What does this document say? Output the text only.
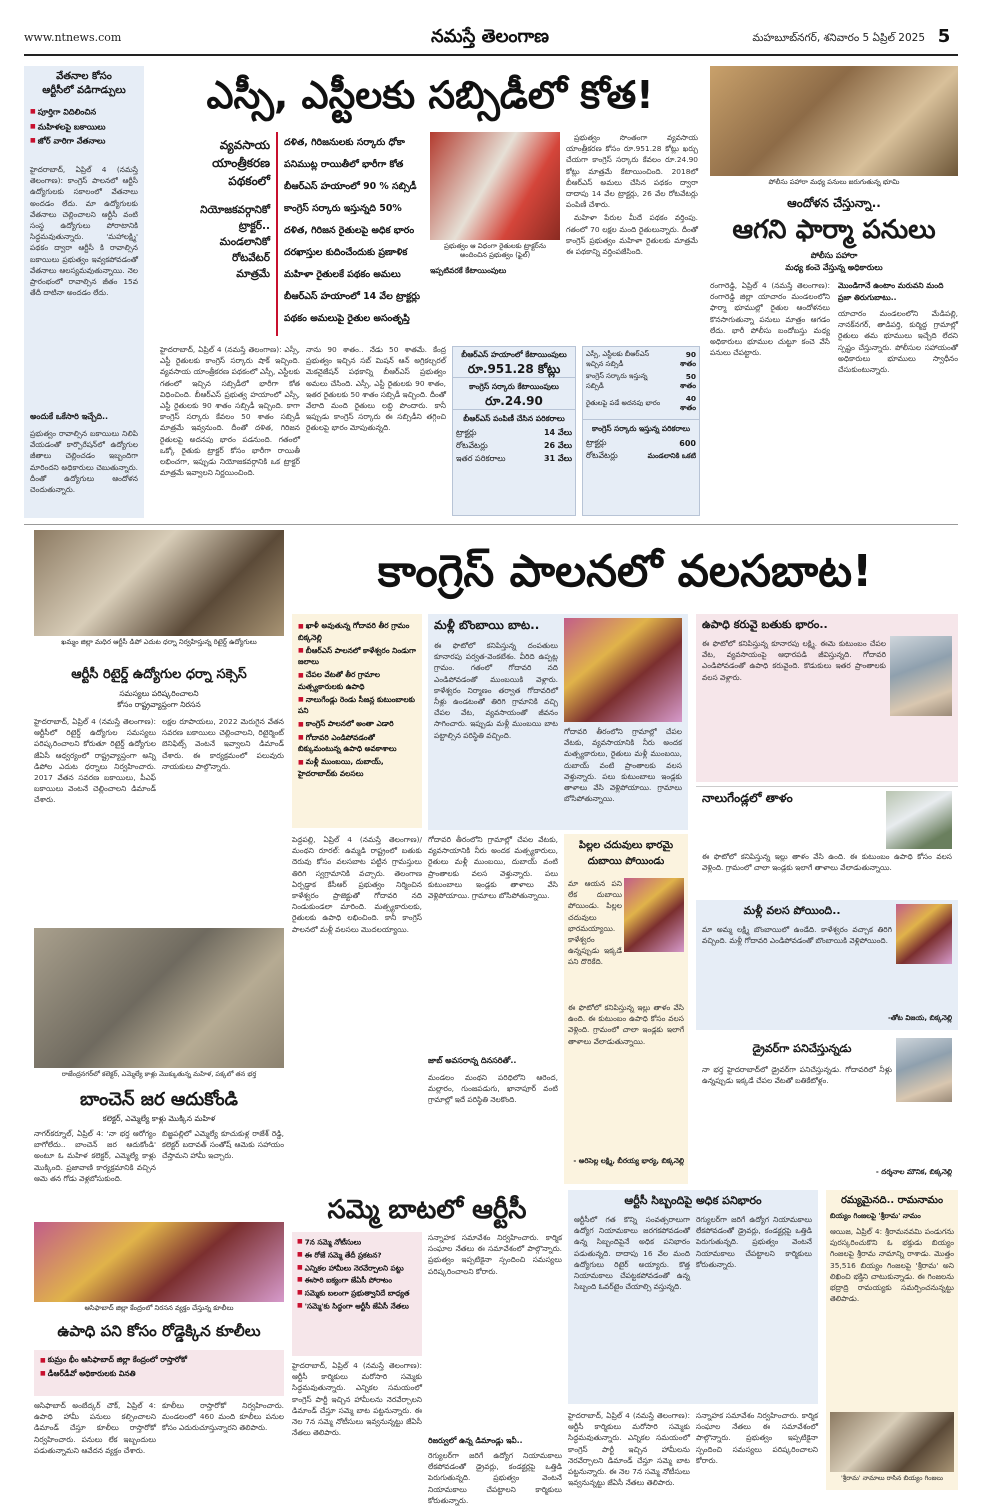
www.ntnews.com	నమస్తే తెలంగాణ	మహబూబ్‌నగర్, శనివారం 5 ఏప్రిల్ 2025 5
వేతనాల కోసం
ఆర్టీసీలో వడిగాడ్పులు
■ పూర్తిగా విదిలించిన
■ మహిళలపై బకాయిలు
■ జోర్ వారిగా వేతనాలు
హైదరాబాద్, ఏప్రిల్ 4 (నమస్తే తెలంగాణ): కాంగ్రెస్ పాలనలో ఆర్టీసీ ఉద్యోగులకు సకాలంలో వేతనాలు అందడం లేదు. మా ఉద్యోగులకు వేతనాలు చెల్లించాలని ఆర్టీసీ వంటి సంస్థ ఉద్యోగులు పోరాటానికి సిద్ధమవుతున్నారు. 'మహాలక్ష్మి' పథకం ద్వారా ఆర్టీసీ కి రావాల్సిన బకాయిలు ప్రభుత్వం ఇవ్వకపోవడంతో వేతనాలు ఆలస్యమవుతున్నాయి. నెల ప్రారంభంలో రావాల్సిన జీతం 15వ తేదీ దాటినా అందడం లేదు.
అందుకే ఒకేసారి ఇచ్చేది..
ప్రభుత్వం రావాల్సిన బకాయిలు నిలిపి వేయడంతో కార్పొరేషన్‌లో ఉద్యోగుల జీతాలు చెల్లించడం ఇబ్బందిగా మారిందని అధికారులు చెబుతున్నారు. దీంతో ఉద్యోగులు ఆందోళన చెందుతున్నారు.
ఎస్సీ, ఎస్టీలకు సబ్సిడీలో కోత!
వ్యవసాయ
యాంత్రీకరణ
పథకంలో
నియోజకవర్గానికో
ట్రాక్టర్..
మండలానికో
రోటవేటర్
మాత్రమే
దళిత, గిరిజనులకు సర్కారు ధోకా
పనిముట్ల రాయితీలో భారీగా కోత
బీఆర్ఎస్ హయాంలో 90 % సబ్సిడీ
కాంగ్రెస్ సర్కారు ఇస్తున్నది 50%
దళిత, గిరిజన రైతులపై అధిక భారం
దరఖాస్తుల కుదించేందుకు ప్రణాళిక
మహిళా రైతులకే పథకం అమలు
బీఆర్ఎస్ హయాంలో 14 వేల ట్రాక్టర్లు
పథకం అమలుపై రైతుల అసంతృప్తి
ప్రభుత్వం ఆ విధంగా రైతులకు ట్రాక్టర్‌ను అందించిన ప్రభుత్వం (ఫైల్)
ఇప్పటివరకే కేటాయింపులు

ప్రభుత్వం సొంతంగా వ్యవసాయ యాంత్రీకరణ కోసం రూ.951.28 కోట్లు ఖర్చు చేయగా కాంగ్రెస్ సర్కారు కేవలం రూ.24.90 కోట్లు మాత్రమే కేటాయించింది. 2018లో బీఆర్ఎస్ అమలు చేసిన పథకం ద్వారా దాదాపు 14 వేల ట్రాక్టర్లు, 26 వేల రోటవేటర్లు పంపిణీ చేశారు.

మహిళా పేరుల మీదే పథకం వర్తింపు. గతంలో 70 లక్షల మంది రైతులున్నారు. దీంతో కాంగ్రెస్ ప్రభుత్వం మహిళా రైతులకు మాత్రమే ఈ పథకాన్ని వర్తింపజేసింది.

హైదరాబాద్, ఏప్రిల్ 4 (నమస్తే తెలంగాణ): ఎస్సీ, ఎస్టీ రైతులకు కాంగ్రెస్ సర్కారు షాక్ ఇచ్చింది. వ్యవసాయ యాంత్రీకరణ పథకంలో ఎస్సీ, ఎస్టీలకు గతంలో ఇచ్చిన సబ్సిడీలో భారీగా కోత విధించింది. బీఆర్ఎస్ ప్రభుత్వ హయాంలో ఎస్సీ, ఎస్టీ రైతులకు 90 శాతం సబ్సిడీ ఇచ్చింది. కాగా కాంగ్రెస్ సర్కారు కేవలం 50 శాతం సబ్సిడీ మాత్రమే ఇవ్వనుంది. దీంతో దళిత, గిరిజన రైతులపై అదనపు భారం పడనుంది. గతంలో ఒక్కో రైతుకు ట్రాక్టర్ కోసం భారీగా రాయితీ లభించగా, ఇప్పుడు నియోజకవర్గానికి ఒక ట్రాక్టర్ మాత్రమే ఇవ్వాలని నిర్ణయించింది.
నాను 90 శాతం.. నేడు 50 శాతమే. కేంద్ర ప్రభుత్వం ఇచ్చిన సబ్ మిషన్ ఆన్ అగ్రికల్చరల్ మెకనైజేషన్ పథకాన్ని బీఆర్ఎస్ ప్రభుత్వం అమలు చేసింది. ఎస్సీ, ఎస్టీ రైతులకు 90 శాతం, ఇతర రైతులకు 50 శాతం సబ్సిడీ ఇచ్చింది. దీంతో వేలాది మంది రైతులు లబ్ధి పొందారు. కానీ ఇప్పుడు కాంగ్రెస్ సర్కారు ఈ సబ్సిడీని తగ్గించి రైతులపై భారం మోపుతున్నది.
బీఆర్ఎస్ హయాంలో కేటాయింపులు
రూ.951.28 కోట్లు
కాంగ్రెస్ సర్కారు కేటాయింపులు
రూ.24.90
బీఆర్ఎస్ పంపిణీ చేసిన పరికరాలు
ట్రాక్టర్లు	14 వేలు
రోటవేటర్లు	26 వేలు
ఇతర పరికరాలు	31 వేలు
ఎస్సీ, ఎస్టీలకు బీఆర్ఎస్ ఇచ్చిన సబ్సిడీ	90 శాతం
కాంగ్రెస్ సర్కారు ఇస్తున్న సబ్సిడీ	50 శాతం
రైతులపై పడే అదనపు భారం	40 శాతం
కాంగ్రెస్ సర్కారు ఇస్తున్న పరికరాలు
ట్రాక్టర్లు	600
రోటవేటర్లు	మండలానికి ఒకటి
పోలీసు పహారా మధ్య పనులు జరుగుతున్న భూమి
ఆందోళన చేస్తున్నా..
ఆగని ఫార్మా పనులు
పోలీసు పహారా
మధ్య కంచె వేస్తున్న అధికారులు
రంగారెడ్డి, ఏప్రిల్ 4 (నమస్తే తెలంగాణ): రంగారెడ్డి జిల్లా యాచారం మండలంలోని ఫార్మా భూముల్లో రైతుల ఆందోళనలు కొనసాగుతున్నా పనులు మాత్రం ఆగడం లేదు. భారీ పోలీసు బందోబస్తు మధ్య అధికారులు భూముల చుట్టూ కంచె వేసే పనులు చేపట్టారు.
మొండిగానే ఉంటాం మరువని మంది ప్రజా తిరుగుబాటు..
యాచారం మండలంలోని మేడిపల్లి, నానక్‌నగర్, తాడిపర్తి, కుర్మిద్ద గ్రామాల్లో రైతులు తమ భూములు ఇచ్చేది లేదని స్పష్టం చేస్తున్నారు. పోలీసుల సహాయంతో అధికారులు భూములు స్వాధీనం చేసుకుంటున్నారు.
ఖమ్మం జిల్లా మధిర ఆర్టీసీ డిపో ఎదుట ధర్నా నిర్వహిస్తున్న రిటైర్డ్ ఉద్యోగులు
కాంగ్రెస్ పాలనలో వలసబాట!
■ ఖాళీ అవుతున్న గోదావరి తీర గ్రామం బిక్కనెల్లి
■ బీఆర్ఎస్ పాలనలో కాళేశ్వరం నిండుగా జలాలు
■ చేపల వేటతో తీర గ్రామాల మత్స్యకారులకు ఉపాధి
■ నాలుగేండ్లు రెండు సీజన్ల కుటుంబాలకు పని
■ కాంగ్రెస్ పాలనలో అంతా ఎడారి
■ గోదావరి ఎండిపోవడంతో బిక్కుమంటున్న ఉపాధి అవకాశాలు
■ మళ్లీ ముంబయి, దుబాయ్, హైదరాబాద్‌కు వలసలు
పెద్దపల్లి, ఏప్రిల్ 4 (నమస్తే తెలంగాణ)/ మంథని రూరల్: ఉమ్మడి రాష్ట్రంలో బతుకు దెరువు కోసం వలసబాట పట్టిన గ్రామస్తులు తిరిగి స్వగ్రామానికి వచ్చారు. తెలంగాణ ఏర్పడ్డాక కేసీఆర్ ప్రభుత్వం నిర్మించిన కాళేశ్వరం ప్రాజెక్టుతో గోదావరి నది నిండుకుండలా మారింది. మత్స్యకారులకు, రైతులకు ఉపాధి లభించింది. కానీ కాంగ్రెస్ పాలనలో మళ్లీ వలసలు మొదలయ్యాయి.
గోదావరి తీరంలోని గ్రామాల్లో చేపల వేటకు, వ్యవసాయానికి నీరు అందక మత్స్యకారులు, రైతులు మళ్లీ ముంబయి, దుబాయ్ వంటి ప్రాంతాలకు వలస వెళ్తున్నారు. పలు కుటుంబాలు ఇండ్లకు తాళాలు వేసి వెళ్లిపోయాయి. గ్రామాలు బోసిపోతున్నాయి.
జాబ్ అవసరాన్న దినసరితో..
మండలం మంథని పరిధిలోని ఆరెంద, మల్లారం, గుంజపడుగు, ఖానాపూర్ వంటి గ్రామాల్లో ఇదే పరిస్థితి నెలకొంది.
మళ్లీ బొంబాయి బాట..
ఈ ఫొటోలో కనిపిస్తున్న దంపతులు కూనారపు పర్వత-వెంకటేశం. వీరిది ఉప్పట్ల గ్రామం. గతంలో గోదావరి నది ఎండిపోవడంతో ముంబయికి వెళ్లారు. కాళేశ్వరం నిర్మాణం తర్వాత గోదావరిలో నీళ్లు ఉండటంతో తిరిగి గ్రామానికి వచ్చి చేపల వేట, వ్యవసాయంతో జీవనం సాగించారు. ఇప్పుడు మళ్లీ ముంబయి బాట పట్టాల్సిన పరిస్థితి వచ్చింది.	గోదావరి తీరంలోని గ్రామాల్లో చేపల వేటకు, వ్యవసాయానికి నీరు అందక మత్స్యకారులు, రైతులు మళ్లీ ముంబయి, దుబాయ్ వంటి ప్రాంతాలకు వలస వెళ్తున్నారు. పలు కుటుంబాలు ఇండ్లకు తాళాలు వేసి వెళ్లిపోయాయి. గ్రామాలు బోసిపోతున్నాయి.
పిల్లల చదువులు భారమై దుబాయి పోయిండు
మా ఆయన పని లేక దుబాయి పోయిండు. పిల్లల చదువులు భారమయ్యాయి. కాళేశ్వరం ఉన్నప్పుడు ఇక్కడే పని దొరికేది.
ఈ ఫొటోలో కనిపిస్తున్న ఇల్లు తాళం వేసి ఉంది. ఈ కుటుంబం ఉపాధి కోసం వలస వెళ్లింది. గ్రామంలో చాలా ఇండ్లకు ఇలాగే తాళాలు వేలాడుతున్నాయి.
- అరిసెల్ల లక్ష్మి, బీరయ్య భార్య, బిక్కనెల్లి
ఉపాధి కరువై బతుకు భారం..
ఈ ఫొటోలో కనిపిస్తున్న కూనారపు లక్ష్మి. ఈమె కుటుంబం చేపల వేట, వ్యవసాయంపై ఆధారపడి జీవిస్తున్నది. గోదావరి ఎండిపోవడంతో ఉపాధి కరువైంది. కొడుకులు ఇతర ప్రాంతాలకు వలస వెళ్లారు.
నాలుగేండ్లలో తాళం
ఈ ఫొటోలో కనిపిస్తున్న ఇల్లు తాళం వేసి ఉంది. ఈ కుటుంబం ఉపాధి కోసం వలస వెళ్లింది. గ్రామంలో చాలా ఇండ్లకు ఇలాగే తాళాలు వేలాడుతున్నాయి.
మళ్లీ వలస పోయింది..
మా అమ్మ లక్ష్మి బొంబాయిలో ఉండేది. కాళేశ్వరం వచ్చాక తిరిగి వచ్చింది. మళ్లీ గోదావరి ఎండిపోవడంతో బొంబాయికి వెళ్లిపోయింది.
-తోట విజయ, బిక్కనెల్లి
డ్రైవర్‌గా పనిచేస్తున్నడు
నా భర్త హైదరాబాద్‌లో డ్రైవర్‌గా పనిచేస్తున్నడు. గోదావరిలో నీళ్లు ఉన్నప్పుడు ఇక్కడే చేపల వేటతో బతికేటోళ్లం.
- దర్శనాల మౌనిక, బిక్కనెల్లి
ఆర్టీసీ రిటైర్డ్ ఉద్యోగుల ధర్నా సక్సెస్
సమస్యలు పరిష్కరించాలని
కోసం రాష్ట్రవ్యాప్తంగా నిరసన
హైదరాబాద్, ఏప్రిల్ 4 (నమస్తే తెలంగాణ): ఆర్టీసీలో రిటైర్డ్ ఉద్యోగుల సమస్యలు పరిష్కరించాలని కోరుతూ రిటైర్డ్ ఉద్యోగుల జేఏసీ ఆధ్వర్యంలో రాష్ట్రవ్యాప్తంగా అన్ని డిపోల ఎదుట ధర్నాలు నిర్వహించారు. 2017 వేతన సవరణ బకాయిలు, పీఎఫ్ బకాయిలు వెంటనే చెల్లించాలని డిమాండ్ చేశారు.
లక్షల రూపాయలు, 2022 మెరుగైన వేతన సవరణ బకాయిలు చెల్లించాలని, రిటైర్మెంట్ బెనిఫిట్స్ వెంటనే ఇవ్వాలని డిమాండ్ చేశారు. ఈ కార్యక్రమంలో పలువురు నాయకులు పాల్గొన్నారు.
రాజేంద్రనగర్‌లో కలెక్టర్, ఎమ్మెల్యే కాళ్లు మొక్కుతున్న మహిళ, పక్కలో తన భర్త
బాంచెన్ జర ఆదుకోండి
కలెక్టర్, ఎమ్మెల్యే కాళ్లు మొక్కిన మహిళ
నాగర్‌కర్నూల్, ఏప్రిల్ 4: 'నా భర్త ఆరోగ్యం బాగోలేదు.. బాంచెన్ జర ఆదుకోండి' అంటూ ఓ మహిళ కలెక్టర్, ఎమ్మెల్యే కాళ్లు మొక్కింది. ప్రజావాణి కార్యక్రమానికి వచ్చిన ఆమె తన గోడు వెళ్లబోసుకుంది.
బిజ్జపల్లిలో ఎమ్మెల్యే కూచుకుళ్ల రాజేశ్ రెడ్డి, కలెక్టర్ బదావత్ సంతోష్ ఆమెకు సహాయం చేస్తామని హామీ ఇచ్చారు.
ఆసిఫాబాద్ జిల్లా కేంద్రంలో నిరసన వ్యక్తం చేస్తున్న కూలీలు
ఉపాధి పని కోసం రోడ్డెక్కిన కూలీలు
■ కుమ్రం భీం ఆసిఫాబాద్ జిల్లా కేంద్రంలో రాస్తారోకో
■ డీఆర్‌డీవో అధికారులకు వినతి
ఆసిఫాబాద్ అంబేద్కర్ చౌక్, ఏప్రిల్ 4: ఉపాధి హామీ పనులు కల్పించాలని డిమాండ్ చేస్తూ కూలీలు రాస్తారోకో నిర్వహించారు. పనులు లేక ఇబ్బందులు పడుతున్నామని ఆవేదన వ్యక్తం చేశారు.
కూలీలు రాస్తారోకో నిర్వహించారు. మండలంలో 460 మంది కూలీలు పనుల కోసం ఎదురుచూస్తున్నారని తెలిపారు.
సమ్మె బాటలో ఆర్టీసీ
■ 7న సమ్మె నోటీసులు
■ ఈ రోజే సమ్మె తేదీ ప్రకటన?
■ ఎన్నికల హామీలు నెరవేర్చాలని పట్టు
■ ఈసారి ఐక్యంగా జేఏసీ పోరాటం
■ సమ్మెకు బలంగా ప్రభుత్వానిదే బాధ్యత
■ 'సమ్మె'కు సిద్ధంగా ఆర్టీసీ జేఏసీ నేతలు
సన్నాహక సమావేశం నిర్వహించారు. కార్మిక సంఘాల నేతలు ఈ సమావేశంలో పాల్గొన్నారు. ప్రభుత్వం ఇప్పటికైనా స్పందించి సమస్యలు పరిష్కరించాలని కోరారు.
హైదరాబాద్, ఏప్రిల్ 4 (నమస్తే తెలంగాణ): ఆర్టీసీ కార్మికులు మరోసారి సమ్మెకు సిద్ధమవుతున్నారు. ఎన్నికల సమయంలో కాంగ్రెస్ పార్టీ ఇచ్చిన హామీలను నెరవేర్చాలని డిమాండ్ చేస్తూ సమ్మె బాట పట్టనున్నారు. ఈ నెల 7న సమ్మె నోటీసులు ఇవ్వనున్నట్టు జేఏసీ నేతలు తెలిపారు.
రిజర్వులో ఉన్న డిమాండ్లు ఇవీ..
రెగ్యులర్‌గా జరిగే ఉద్యోగ నియామకాలు లేకపోవడంతో డ్రైవర్లు, కండక్టర్లపై ఒత్తిడి పెరుగుతున్నది. ప్రభుత్వం వెంటనే నియామకాలు చేపట్టాలని కార్మికులు కోరుతున్నారు.
ఆర్టీసీ సిబ్బందిపై అధిక పనిభారం
ఆర్టీసీలో గత కొన్ని సంవత్సరాలుగా ఉద్యోగ నియామకాలు జరగకపోవడంతో ఉన్న సిబ్బందిపైనే అధిక పనిభారం పడుతున్నది. దాదాపు 16 వేల మంది ఉద్యోగులు రిటైర్ అయ్యారు. కొత్త నియామకాలు చేపట్టకపోవడంతో ఉన్న సిబ్బంది ఓవర్‌టైం చేయాల్సి వస్తున్నది.
రెగ్యులర్‌గా జరిగే ఉద్యోగ నియామకాలు లేకపోవడంతో డ్రైవర్లు, కండక్టర్లపై ఒత్తిడి పెరుగుతున్నది. ప్రభుత్వం వెంటనే నియామకాలు చేపట్టాలని కార్మికులు కోరుతున్నారు.
హైదరాబాద్, ఏప్రిల్ 4 (నమస్తే తెలంగాణ): ఆర్టీసీ కార్మికులు మరోసారి సమ్మెకు సిద్ధమవుతున్నారు. ఎన్నికల సమయంలో కాంగ్రెస్ పార్టీ ఇచ్చిన హామీలను నెరవేర్చాలని డిమాండ్ చేస్తూ సమ్మె బాట పట్టనున్నారు. ఈ నెల 7న సమ్మె నోటీసులు ఇవ్వనున్నట్టు జేఏసీ నేతలు తెలిపారు.
సన్నాహక సమావేశం నిర్వహించారు. కార్మిక సంఘాల నేతలు ఈ సమావేశంలో పాల్గొన్నారు. ప్రభుత్వం ఇప్పటికైనా స్పందించి సమస్యలు పరిష్కరించాలని కోరారు.
రమ్యమైనది.. రామనామం
బియ్యం గింజలపై 'శ్రీరామ' నామం
ఆయిజ, ఏప్రిల్ 4: శ్రీరామనవమి పండుగను పురస్కరించుకొని ఓ భక్తుడు బియ్యం గింజలపై శ్రీరామ నామాన్ని రాశాడు. మొత్తం 35,516 బియ్యం గింజలపై 'శ్రీరామ' అని లిఖించి భక్తిని చాటుకున్నాడు. ఈ గింజలను భద్రాద్రి రామయ్యకు సమర్పించనున్నట్టు తెలిపాడు.
'శ్రీరామ' నామాలు రాసిన బియ్యం గింజలు
